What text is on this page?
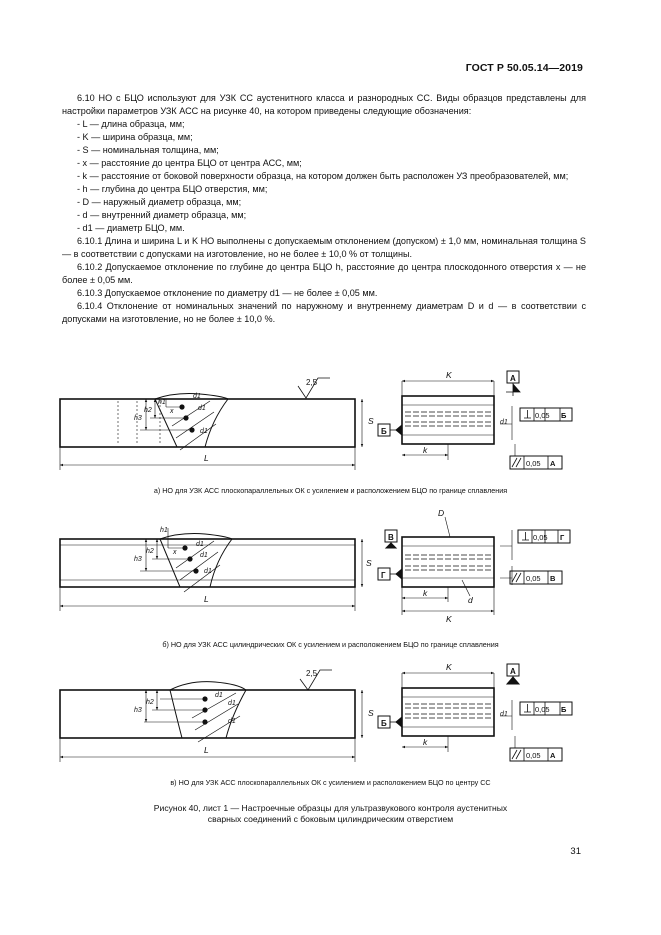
ГОСТ Р 50.05.14—2019

6.10 НО с БЦО используют для УЗК СС аустенитного класса и разнородных СС. Виды образцов представлены для настройки параметров УЗК АСС на рисунке 40, на котором приведены следующие обозначения:

- L — длина образца, мм;

- K — ширина образца, мм;

- S — номинальная толщина, мм;

- x — расстояние до центра БЦО от центра АСС, мм;

- k — расстояние от боковой поверхности образца, на котором должен быть расположен УЗ преобразователей, мм;

- h — глубина до центра БЦО отверстия, мм;

- D — наружный диаметр образца, мм;

- d — внутренний диаметр образца, мм;

- d1 — диаметр БЦО, мм.

6.10.1 Длина и ширина L и K НО выполнены с допускаемым отклонением (допуском) ± 1,0 мм, номинальная толщина S — в соответствии с допусками на изготовление, но не более ± 10,0 % от толщины.

6.10.2 Допускаемое отклонение по глубине до центра БЦО h, расстояние до центра плоскодонного отверстия x — не более ± 0,05 мм.

6.10.3 Допускаемое отклонение по диаметру d1 — не более ± 0,05 мм.

6.10.4 Отклонение от номинальных значений по наружному и внутреннему диаметрам D и d — в соответствии с допусками на изготовление, но не более ± 10,0 %.

L
S
h3
h2
h1
d1
d1
d1
x
2,5
K
k
d1
А
Б
0,05 Б
0,05 А
L
S
h3
h2
h1
d1
d1
d1
x
D
d
k
K
В
Г
0,05 Г
0,05 В
L
S
h3
h2
d1
d1
d1
2,5
K
k
d1
А
Б
0,05 Б
0,05 А
а) НО для УЗК АСС плоскопараллельных ОК с усилением и расположением БЦО по границе сплавления
б) НО для УЗК АСС цилиндрических ОК с усилением и расположением БЦО по границе сплавления
в) НО для УЗК АСС плоскопараллельных ОК с усилением и расположением БЦО по центру СС
Рисунок 40, лист 1 — Настроечные образцы для ультразвукового контроля аустенитных
сварных соединений с боковым цилиндрическим отверстием
31
